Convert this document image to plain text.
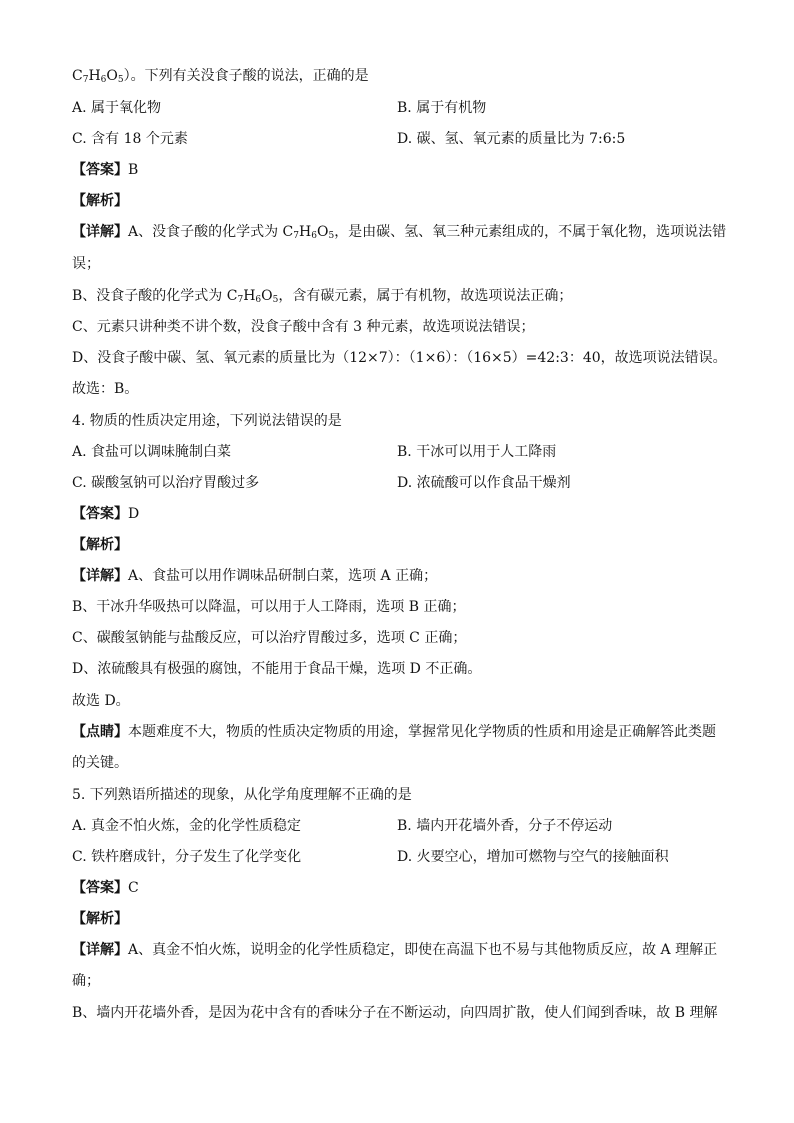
$C_7H_6O_5$）。下列有关没食子酸的说法，正确的是
A. 属于氧化物	B. 属于有机物
C. 含有 18 个元素	D. 碳、氢、氧元素的质量比为 7:6:5
【答案】B
【解析】
【详解】A、没食子酸的化学式为 $C_7H_6O_5$，是由碳、氢、氧三种元素组成的，不属于氧化物，选项说法错
误；
B、没食子酸的化学式为 $C_7H_6O_5$，含有碳元素，属于有机物，故选项说法正确；
C、元素只讲种类不讲个数，没食子酸中含有 3 种元素，故选项说法错误；
D、没食子酸中碳、氢、氧元素的质量比为（12×7）：（1×6）：（16×5）=42:3：40，故选项说法错误。
故选：B。
4. 物质的性质决定用途，下列说法错误的是
A. 食盐可以调味腌制白菜	B. 干冰可以用于人工降雨
C. 碳酸氢钠可以治疗胃酸过多	D. 浓硫酸可以作食品干燥剂
【答案】D
【解析】
【详解】A、食盐可以用作调味品研制白菜，选项 A 正确；
B、干冰升华吸热可以降温，可以用于人工降雨，选项 B 正确；
C、碳酸氢钠能与盐酸反应，可以治疗胃酸过多，选项 C 正确；
D、浓硫酸具有极强的腐蚀，不能用于食品干燥，选项 D 不正确。
故选 D。
【点睛】本题难度不大，物质的性质决定物质的用途，掌握常见化学物质的性质和用途是正确解答此类题
的关键。
5. 下列熟语所描述的现象，从化学角度理解不正确的是
A. 真金不怕火炼，金的化学性质稳定	B. 墙内开花墙外香，分子不停运动
C. 铁杵磨成针，分子发生了化学变化	D. 火要空心，增加可燃物与空气的接触面积
【答案】C
【解析】
【详解】A、真金不怕火炼，说明金的化学性质稳定，即使在高温下也不易与其他物质反应，故 A 理解正
确；
B、墙内开花墙外香，是因为花中含有的香味分子在不断运动，向四周扩散，使人们闻到香味，故 B 理解
